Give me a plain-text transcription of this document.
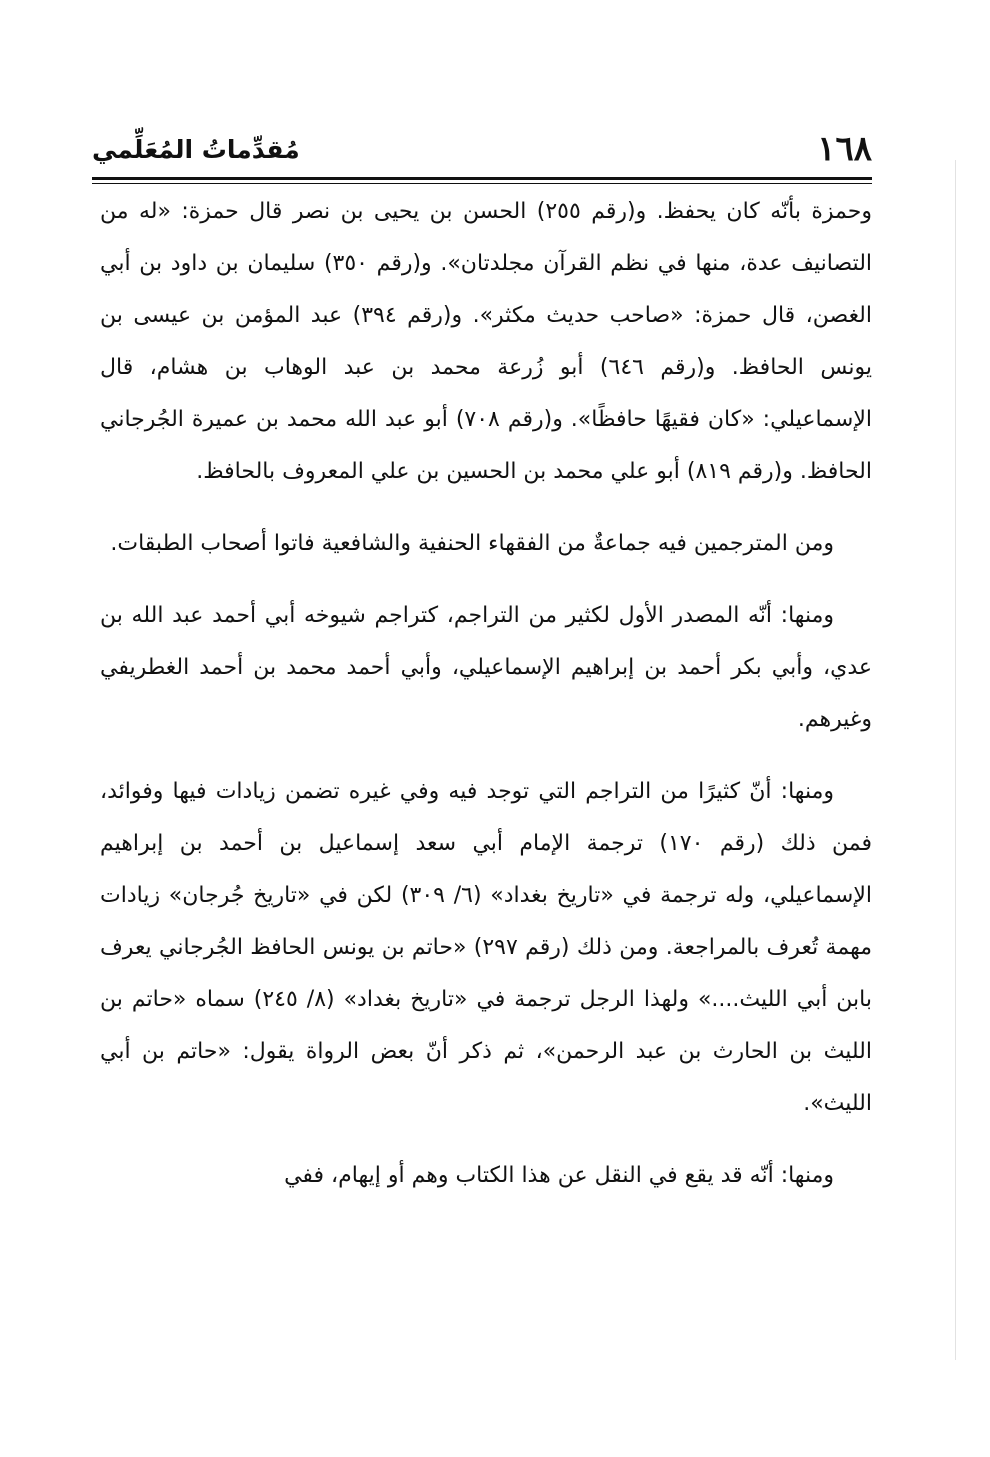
١٦٨
مُقدِّماتُ المُعَلِّمي

وحمزة بأنّه كان يحفظ. و(رقم ٢٥٥) الحسن بن يحيى بن نصر قال حمزة: «له من التصانيف عدة، منها في نظم القرآن مجلدتان». و(رقم ٣٥٠) سليمان بن داود بن أبي الغصن، قال حمزة: «صاحب حديث مكثر». و(رقم ٣٩٤) عبد المؤمن بن عيسى بن يونس الحافظ. و(رقم ٦٤٦) أبو زُرعة محمد بن عبد الوهاب بن هشام، قال الإسماعيلي: «كان فقيهًا حافظًا». و(رقم ٧٠٨) أبو عبد الله محمد بن عميرة الجُرجاني الحافظ. و(رقم ٨١٩) أبو علي محمد بن الحسين بن علي المعروف بالحافظ.

ومن المترجمين فيه جماعةٌ من الفقهاء الحنفية والشافعية فاتوا أصحاب الطبقات.

ومنها: أنّه المصدر الأول لكثير من التراجم، كتراجم شيوخه أبي أحمد عبد الله بن عدي، وأبي بكر أحمد بن إبراهيم الإسماعيلي، وأبي أحمد محمد بن أحمد الغطريفي وغيرهم.

ومنها: أنّ كثيرًا من التراجم التي توجد فيه وفي غيره تضمن زيادات فيها وفوائد، فمن ذلك (رقم ١٧٠) ترجمة الإمام أبي سعد إسماعيل بن أحمد بن إبراهيم الإسماعيلي، وله ترجمة في «تاريخ بغداد» (٦/ ٣٠٩) لكن في «تاريخ جُرجان» زيادات مهمة تُعرف بالمراجعة. ومن ذلك (رقم ٢٩٧) «حاتم بن يونس الحافظ الجُرجاني يعرف بابن أبي الليث....» ولهذا الرجل ترجمة في «تاريخ بغداد» (٨/ ٢٤٥) سماه «حاتم بن الليث بن الحارث بن عبد الرحمن»، ثم ذكر أنّ بعض الرواة يقول: «حاتم بن أبي الليث».

ومنها: أنّه قد يقع في النقل عن هذا الكتاب وهم أو إيهام، ففي
